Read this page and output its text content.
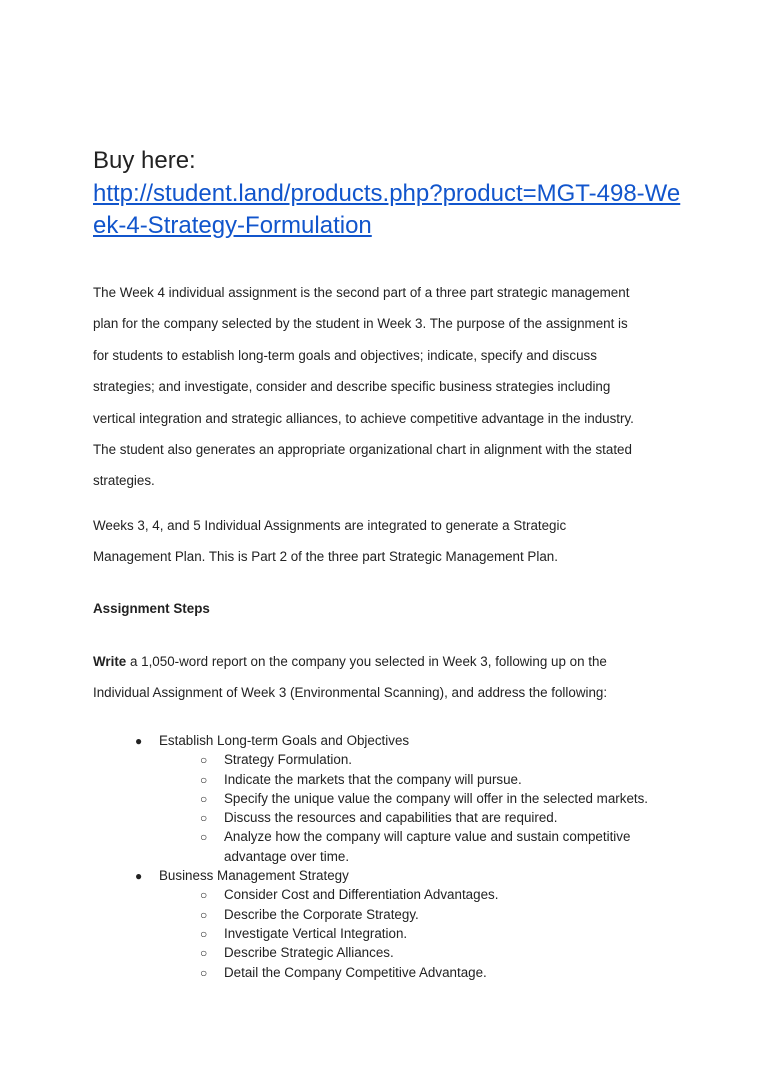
Buy here:
http://student.land/products.php?product=MGT-498-We
ek-4-Strategy-Formulation
The Week 4 individual assignment is the second part of a three part strategic management
plan for the company selected by the student in Week 3. The purpose of the assignment is
for students to establish long-term goals and objectives; indicate, specify and discuss
strategies; and investigate, consider and describe specific business strategies including
vertical integration and strategic alliances, to achieve competitive advantage in the industry.
The student also generates an appropriate organizational chart in alignment with the stated
strategies.
Weeks 3, 4, and 5 Individual Assignments are integrated to generate a Strategic
Management Plan. This is Part 2 of the three part Strategic Management Plan.
Assignment Steps
Write a 1,050-word report on the company you selected in Week 3, following up on the
Individual Assignment of Week 3 (Environmental Scanning), and address the following:
● Establish Long-term Goals and Objectives
○ Strategy Formulation.
○ Indicate the markets that the company will pursue.
○ Specify the unique value the company will offer in the selected markets.
○ Discuss the resources and capabilities that are required.
○ Analyze how the company will capture value and sustain competitive
advantage over time.
● Business Management Strategy
○ Consider Cost and Differentiation Advantages.
○ Describe the Corporate Strategy.
○ Investigate Vertical Integration.
○ Describe Strategic Alliances.
○ Detail the Company Competitive Advantage.
